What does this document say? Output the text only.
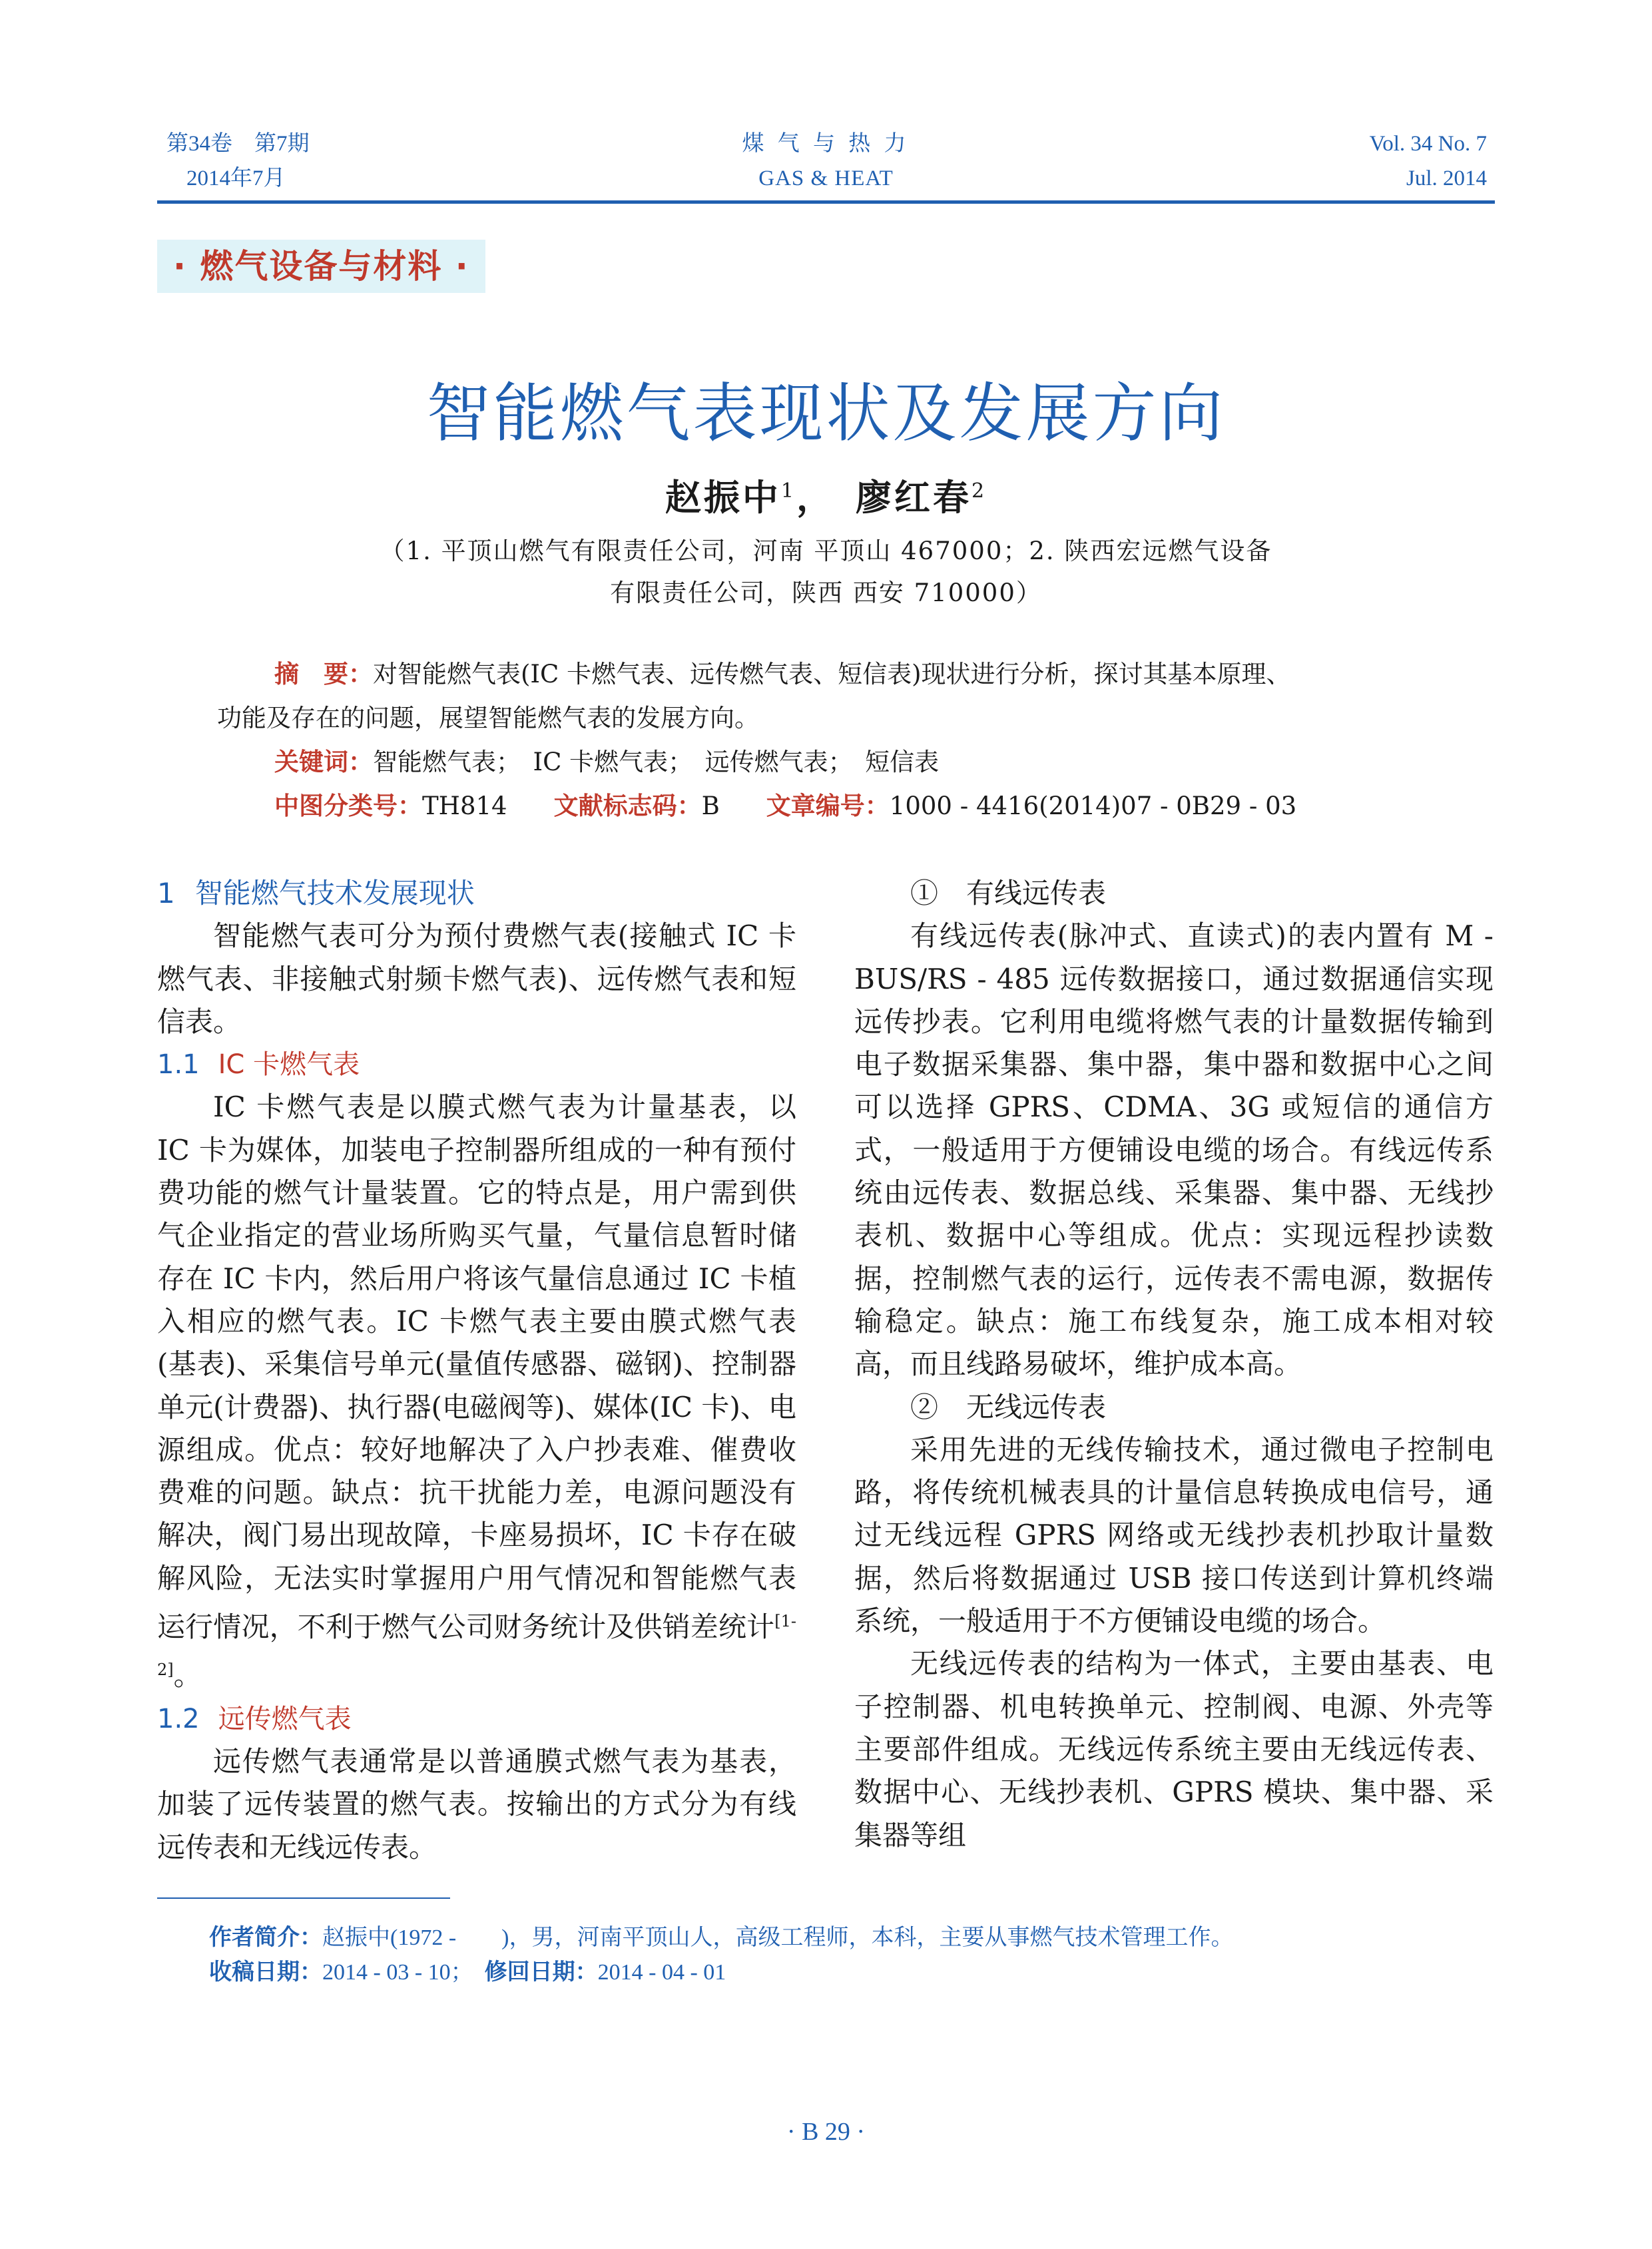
第34卷　第7期
2014年7月
煤 气 与 热 力
GAS & HEAT
Vol. 34 No. 7
Jul. 2014
· 燃气设备与材料 ·
智能燃气表现状及发展方向
赵振中$^1$，　廖红春$^2$
（1. 平顶山燃气有限责任公司，河南 平顶山 467000；2. 陕西宏远燃气设备
有限责任公司，陕西 西安 710000）
摘　要：对智能燃气表(IC 卡燃气表、远传燃气表、短信表)现状进行分析，探讨其基本原理、
功能及存在的问题，展望智能燃气表的发展方向。
关键词：智能燃气表；　IC 卡燃气表；　远传燃气表；　短信表
中图分类号：TH814 文献标志码：B 文章编号：1000 - 4416(2014)07 - 0B29 - 03
1 智能燃气技术发展现状

智能燃气表可分为预付费燃气表(接触式 IC 卡燃气表、非接触式射频卡燃气表)、远传燃气表和短信表。

1.1 IC 卡燃气表

IC 卡燃气表是以膜式燃气表为计量基表，以 IC 卡为媒体，加装电子控制器所组成的一种有预付费功能的燃气计量装置。它的特点是，用户需到供气企业指定的营业场所购买气量，气量信息暂时储存在 IC 卡内，然后用户将该气量信息通过 IC 卡植入相应的燃气表。IC 卡燃气表主要由膜式燃气表(基表)、采集信号单元(量值传感器、磁钢)、控制器单元(计费器)、执行器(电磁阀等)、媒体(IC 卡)、电源组成。优点：较好地解决了入户抄表难、催费收费难的问题。缺点：抗干扰能力差，电源问题没有解决，阀门易出现故障，卡座易损坏，IC 卡存在破解风险，无法实时掌握用户用气情况和智能燃气表运行情况，不利于燃气公司财务统计及供销差统计[1-2]。

1.2 远传燃气表

远传燃气表通常是以普通膜式燃气表为基表，加装了远传装置的燃气表。按输出的方式分为有线远传表和无线远传表。

①　有线远传表

有线远传表(脉冲式、直读式)的表内置有 M - BUS/RS - 485 远传数据接口，通过数据通信实现远传抄表。它利用电缆将燃气表的计量数据传输到电子数据采集器、集中器，集中器和数据中心之间可以选择 GPRS、CDMA、3G 或短信的通信方式，一般适用于方便铺设电缆的场合。有线远传系统由远传表、数据总线、采集器、集中器、无线抄表机、数据中心等组成。优点：实现远程抄读数据，控制燃气表的运行，远传表不需电源，数据传输稳定。缺点：施工布线复杂，施工成本相对较高，而且线路易破坏，维护成本高。

②　无线远传表

采用先进的无线传输技术，通过微电子控制电路，将传统机械表具的计量信息转换成电信号，通过无线远程 GPRS 网络或无线抄表机抄取计量数据，然后将数据通过 USB 接口传送到计算机终端系统，一般适用于不方便铺设电缆的场合。

无线远传表的结构为一体式，主要由基表、电子控制器、机电转换单元、控制阀、电源、外壳等主要部件组成。无线远传系统主要由无线远传表、数据中心、无线抄表机、GPRS 模块、集中器、采集器等组

作者简介：赵振中(1972 -　　)，男，河南平顶山人，高级工程师，本科，主要从事燃气技术管理工作。
收稿日期：2014 - 03 - 10；　 修回日期：2014 - 04 - 01
· B 29 ·
